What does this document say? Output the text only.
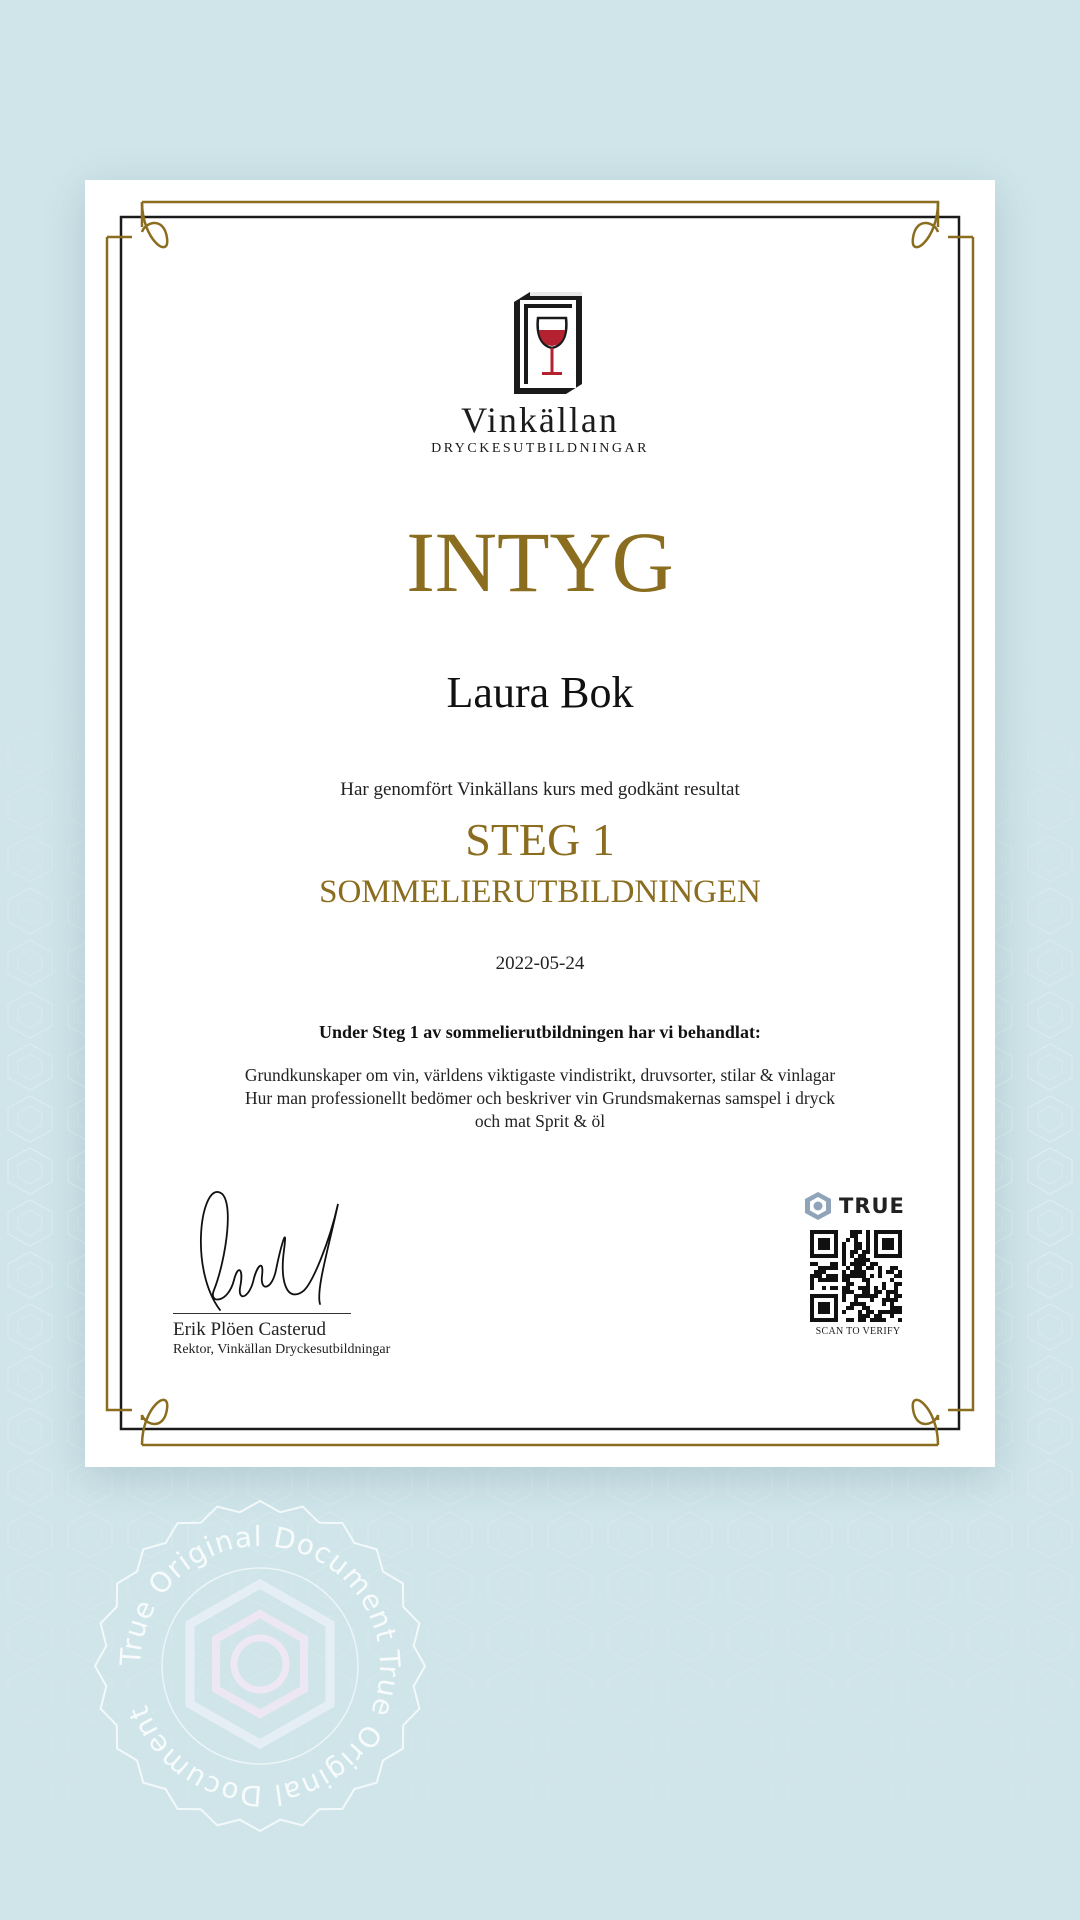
Vinkällan
DRYCKESUTBILDNINGAR
INTYG
Laura Bok
Har genomfört Vinkällans kurs med godkänt resultat
STEG 1
SOMMELIERUTBILDNINGEN
2022-05-24
Under Steg 1 av sommelierutbildningen har vi behandlat:
Grundkunskaper om vin, världens viktigaste vindistrikt, druvsorter, stilar & vinlagar
Hur man professionellt bedömer och beskriver vin Grundsmakernas samspel i dryck
och mat Sprit & öl
Erik Plöen Casterud
Rektor, Vinkällan Dryckesutbildningar
TRUE
SCAN TO VERIFY
True Original Document
True Original Document
